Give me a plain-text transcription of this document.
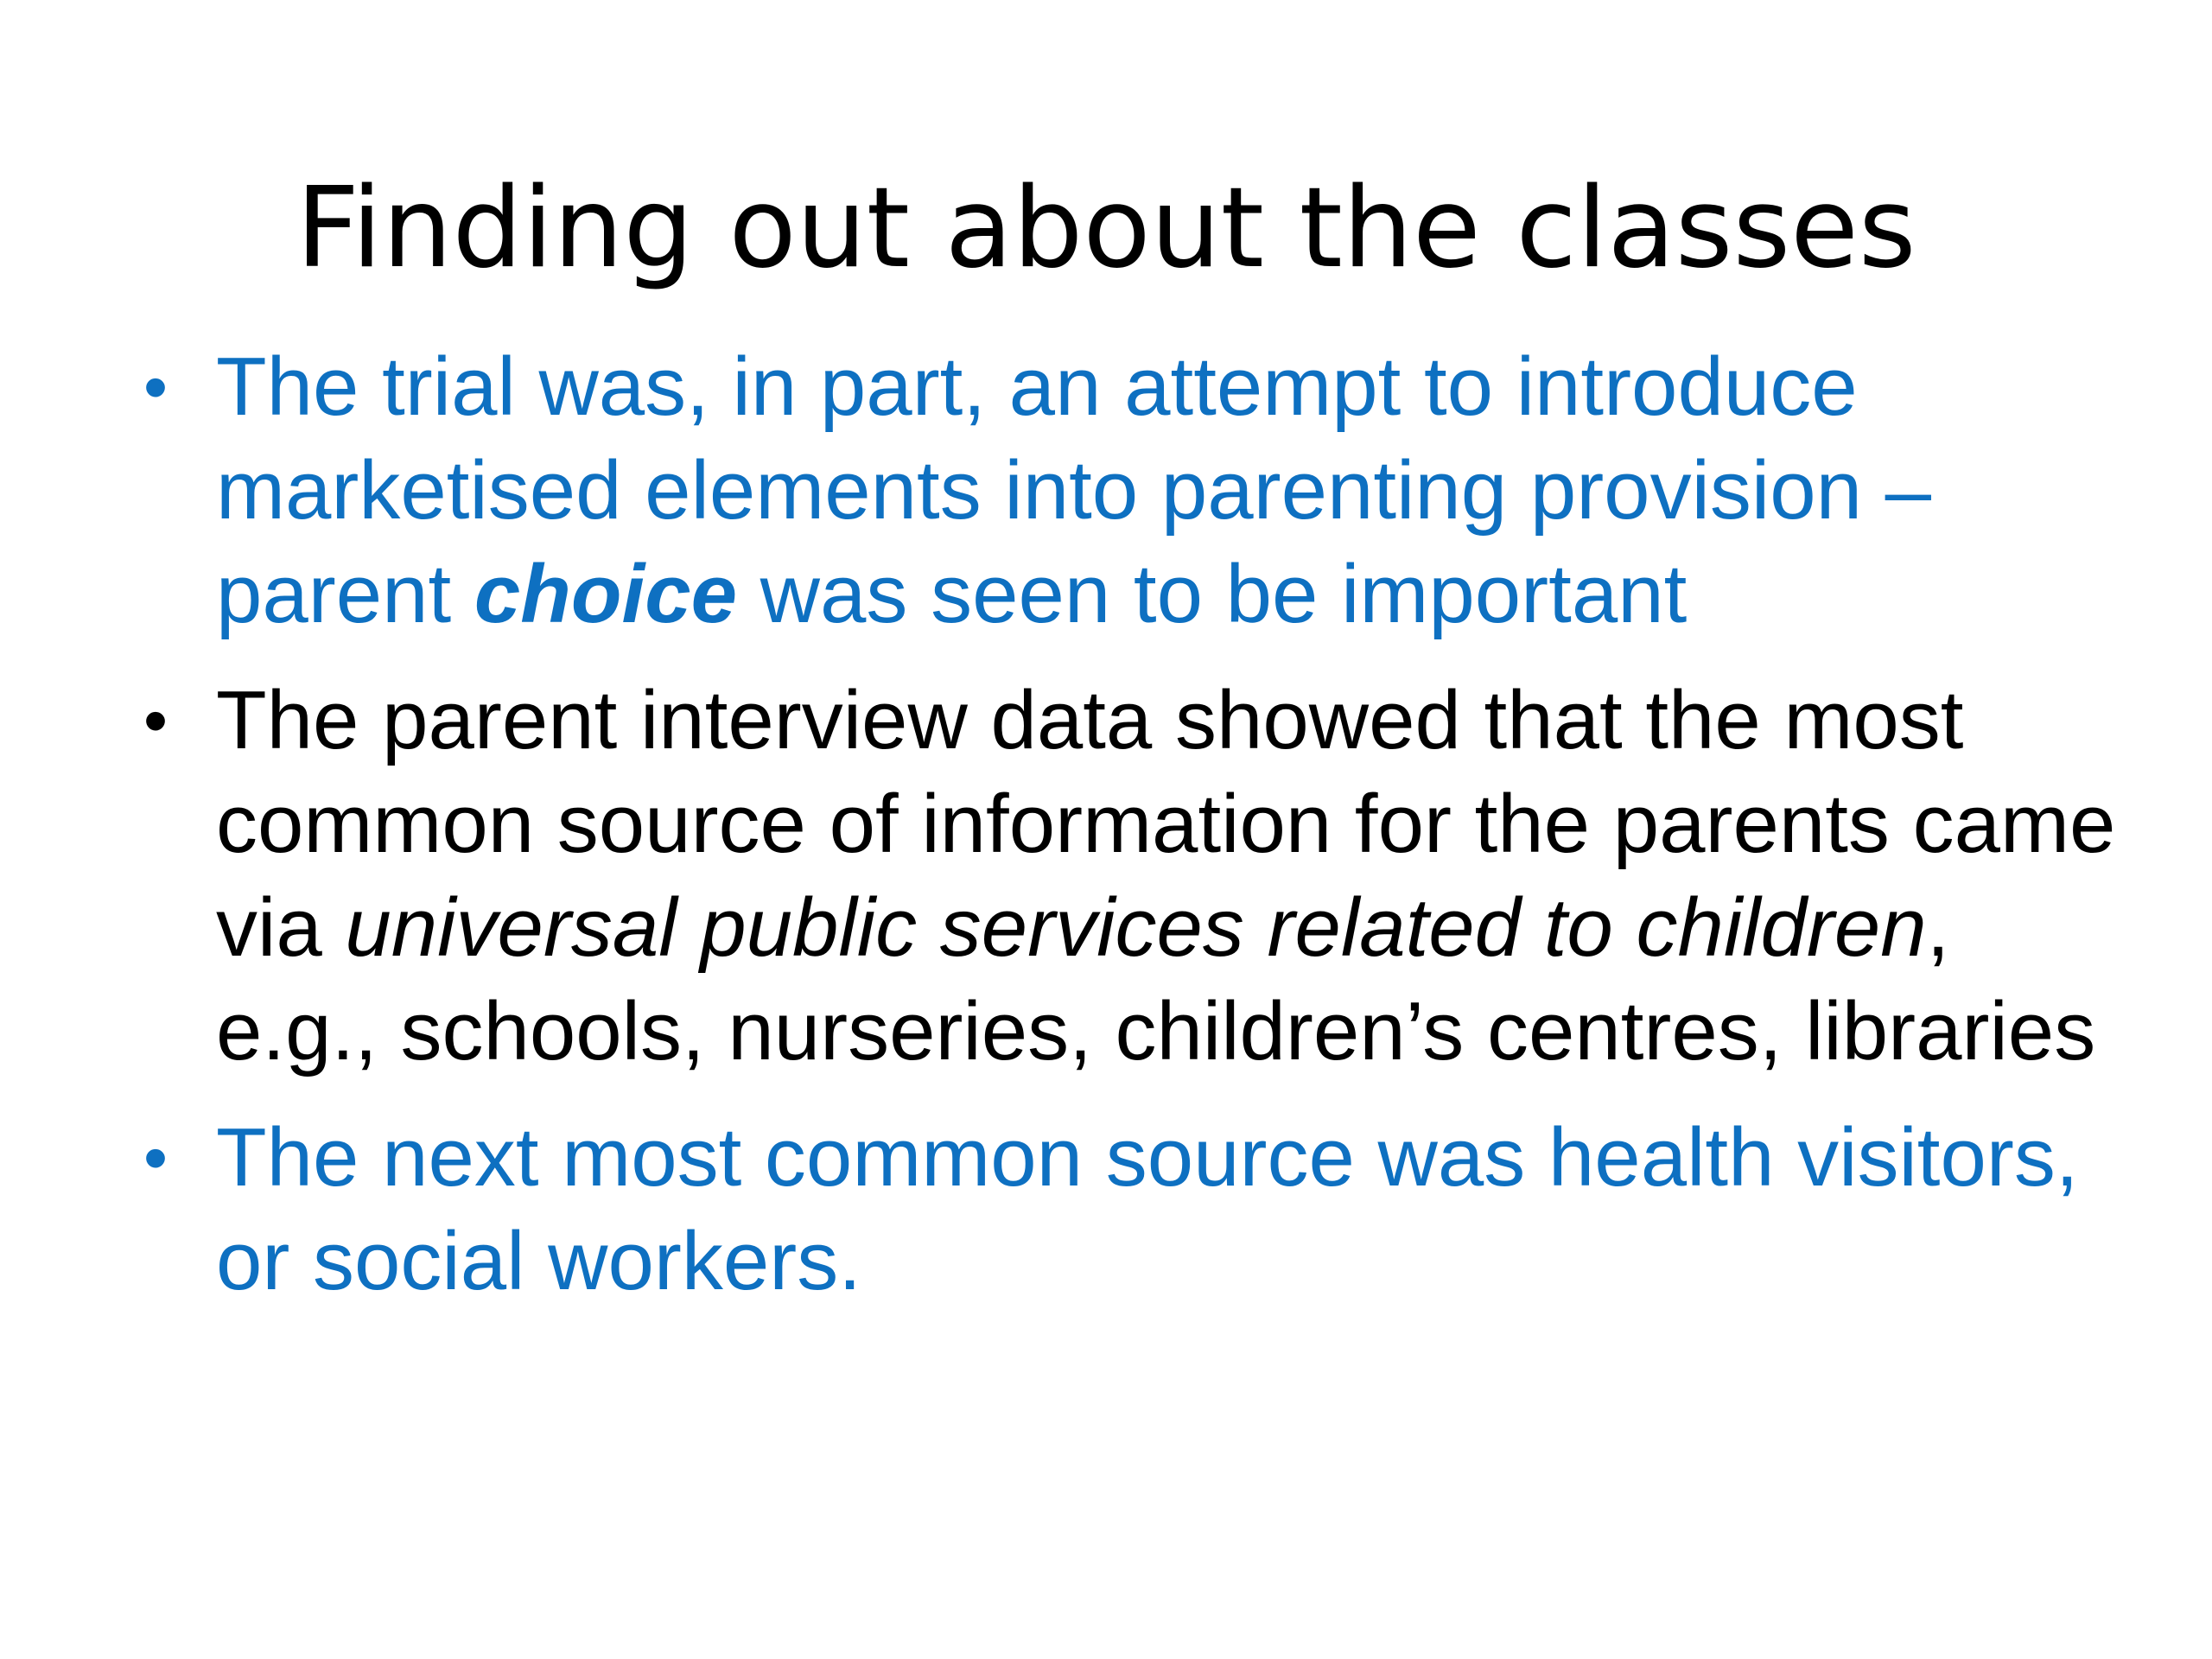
Finding out about the classes
• The trial was, in part, an attempt to introduce marketised elements into parenting provision – parent choice was seen to be important
• The parent interview data showed that the most common source of information for the parents came via universal public services related to children, e.g., schools, nurseries, children’s centres, libraries
• The next most common source was health visitors, or social workers.
